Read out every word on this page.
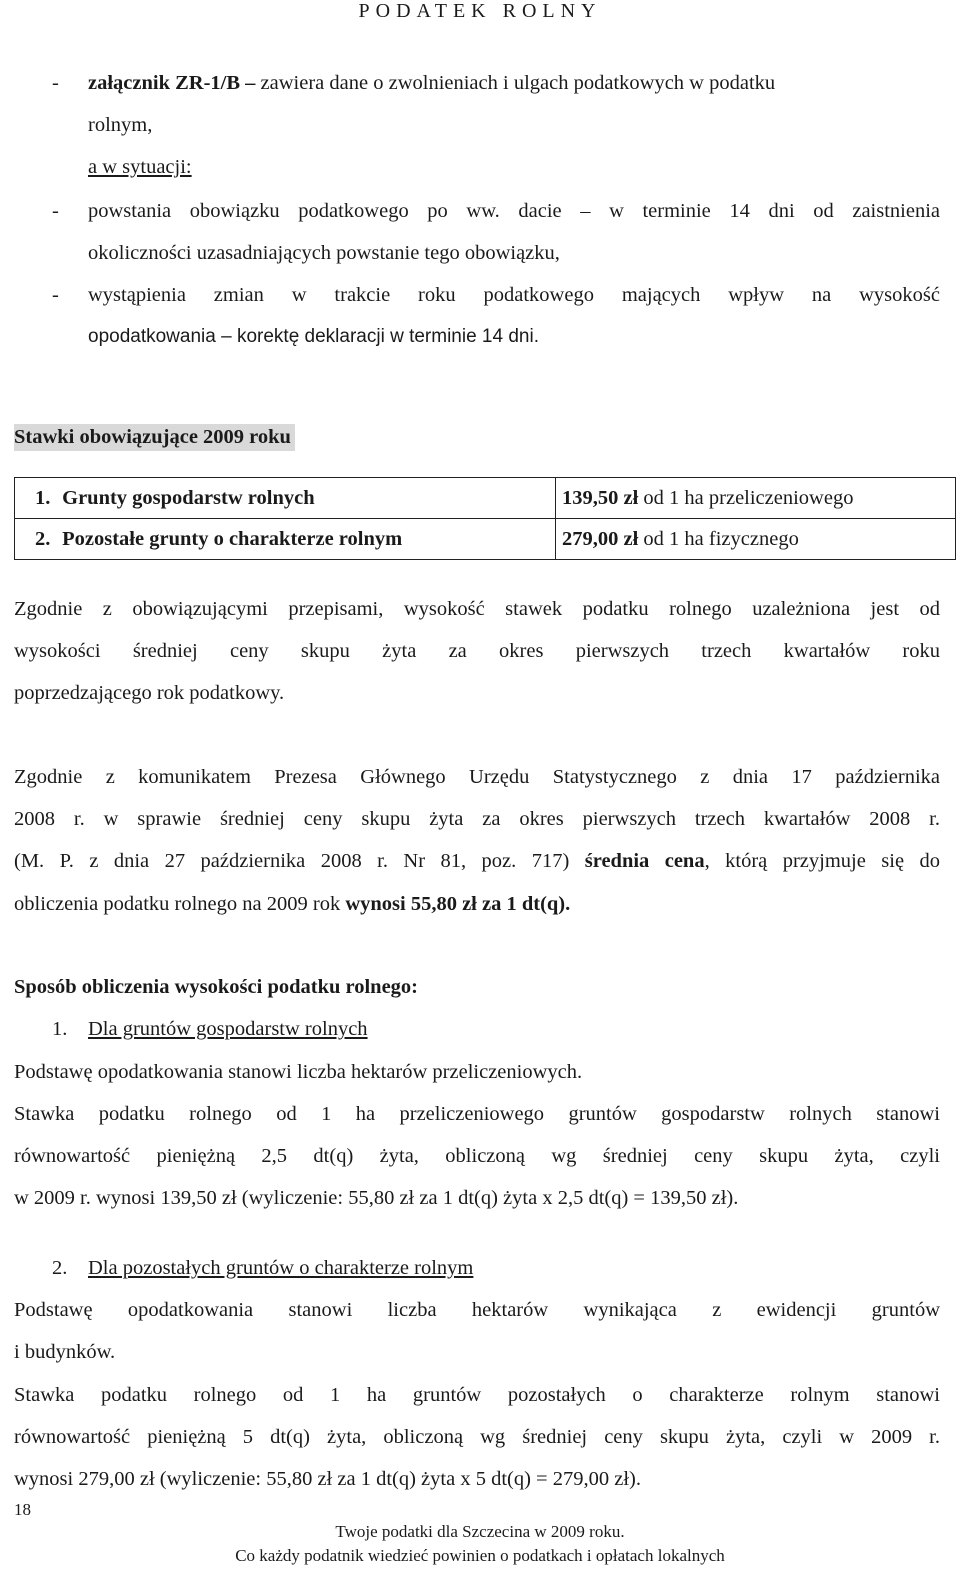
PODATEK ROLNY
- załącznik ZR-1/B – zawiera dane o zwolnieniach i ulgach podatkowych w podatku
rolnym,
a w sytuacji:
- powstania obowiązku podatkowego po ww. dacie – w terminie 14 dni od zaistnienia
okoliczności uzasadniających powstanie tego obowiązku,
- wystąpienia zmian w trakcie roku podatkowego mających wpływ na wysokość
opodatkowania – korektę deklaracji w terminie 14 dni.
Stawki obowiązujące 2009 roku
1. Grunty gospodarstw rolnych	139,50 zł od 1 ha przeliczeniowego
2. Pozostałe grunty o charakterze rolnym	279,00 zł od 1 ha fizycznego
Zgodnie z obowiązującymi przepisami, wysokość stawek podatku rolnego uzależniona jest od
wysokości średniej ceny skupu żyta za okres pierwszych trzech kwartałów roku
poprzedzającego rok podatkowy.
Zgodnie z komunikatem Prezesa Głównego Urzędu Statystycznego z dnia 17 października
2008 r. w sprawie średniej ceny skupu żyta za okres pierwszych trzech kwartałów 2008 r.
(M. P. z dnia 27 października 2008 r. Nr 81, poz. 717) średnia cena, którą przyjmuje się do
obliczenia podatku rolnego na 2009 rok wynosi 55,80 zł za 1 dt(q).
Sposób obliczenia wysokości podatku rolnego:
1. Dla gruntów gospodarstw rolnych
Podstawę opodatkowania stanowi liczba hektarów przeliczeniowych.
Stawka podatku rolnego od 1 ha przeliczeniowego gruntów gospodarstw rolnych stanowi
równowartość pieniężną 2,5 dt(q) żyta, obliczoną wg średniej ceny skupu żyta, czyli
w 2009 r. wynosi 139,50 zł (wyliczenie: 55,80 zł za 1 dt(q) żyta x 2,5 dt(q) = 139,50 zł).
2. Dla pozostałych gruntów o charakterze rolnym
Podstawę opodatkowania stanowi liczba hektarów wynikająca z ewidencji gruntów
i budynków.
Stawka podatku rolnego od 1 ha gruntów pozostałych o charakterze rolnym stanowi
równowartość pieniężną 5 dt(q) żyta, obliczoną wg średniej ceny skupu żyta, czyli w 2009 r.
wynosi 279,00 zł (wyliczenie: 55,80 zł za 1 dt(q) żyta x 5 dt(q) = 279,00 zł).
18
Twoje podatki dla Szczecina w 2009 roku.
Co każdy podatnik wiedzieć powinien o podatkach i opłatach lokalnych
